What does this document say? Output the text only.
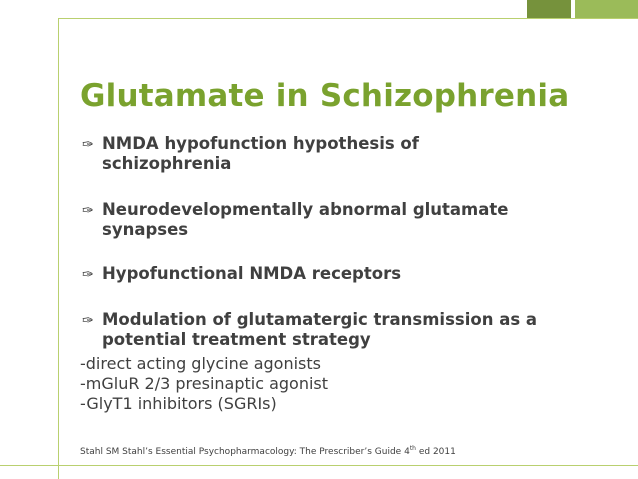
Glutamate in Schizophrenia
✑ NMDA hypofunction hypothesis of
schizophrenia
✑ Neurodevelopmentally abnormal glutamate
synapses
✑ Hypofunctional NMDA receptors
✑ Modulation of glutamatergic transmission as a
potential treatment strategy
-direct acting glycine agonists
-mGluR 2/3 presinaptic agonist
-GlyT1 inhibitors (SGRIs)
Stahl SM Stahl’s Essential Psychopharmacology: The Prescriber’s Guide 4th ed 2011
